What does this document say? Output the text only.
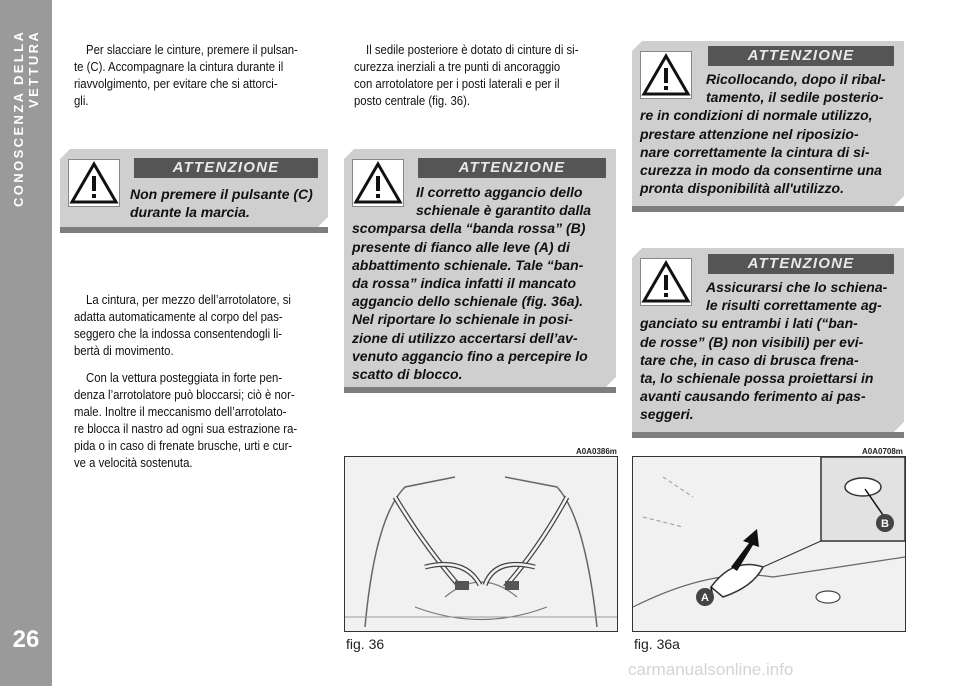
CONOSCENZA DELLA VETTURA
26
Per slacciare le cinture, premere il pulsan-
te (C). Accompagnare la cintura durante il
riavvolgimento, per evitare che si attorci-
gli.
ATTENZIONE
Non premere il pulsante (C)
durante la marcia.
La cintura, per mezzo dell’arrotolatore, si
adatta automaticamente al corpo del pas-
seggero che la indossa consentendogli li-
bertà di movimento.
Con la vettura posteggiata in forte pen-
denza l’arrotolatore può bloccarsi; ciò è nor-
male. Inoltre il meccanismo dell’arrotolato-
re blocca il nastro ad ogni sua estrazione ra-
pida o in caso di frenate brusche, urti e cur-
ve a velocità sostenuta.
Il sedile posteriore è dotato di cinture di si-
curezza inerziali a tre punti di ancoraggio
con arrotolatore per i posti laterali e per il
posto centrale (fig. 36).
ATTENZIONE
Il corretto aggancio dello
schienale è garantito dalla
scomparsa della “banda rossa” (B)
presente di fianco alle leve (A) di
abbattimento schienale. Tale “ban-
da rossa” indica infatti il mancato
aggancio dello schienale (fig. 36a).
Nel riportare lo schienale in posi-
zione di utilizzo accertarsi dell’av-
venuto aggancio fino a percepire lo
scatto di blocco.
A0A0386m
fig. 36
ATTENZIONE
Ricollocando, dopo il ribal-
tamento, il sedile posterio-
re in condizioni di normale utilizzo,
prestare attenzione nel riposizio-
nare correttamente la cintura di si-
curezza in modo da consentirne una
pronta disponibilità all'utilizzo.
ATTENZIONE
Assicurarsi che lo schiena-
le risulti correttamente ag-
ganciato su entrambi i lati (“ban-
de rosse” (B) non visibili) per evi-
tare che, in caso di brusca frena-
ta, lo schienale possa proiettarsi in
avanti causando ferimento ai pas-
seggeri.
A0A0708m
A
B
fig. 36a
carmanualsonline.info
